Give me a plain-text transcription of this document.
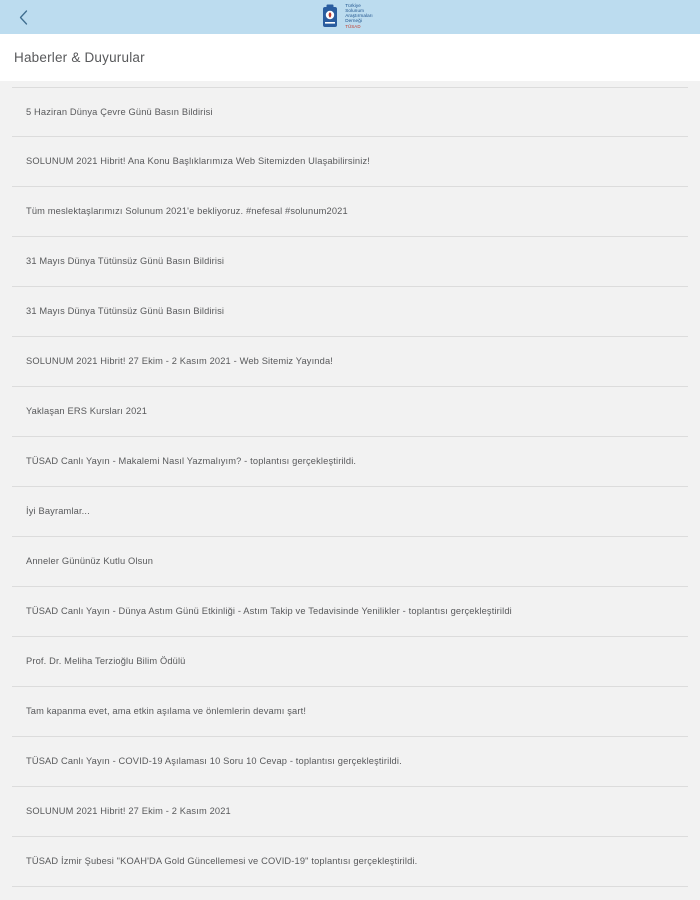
Türkiye
Solunum
Araştırmaları
Derneği
TÜSAD
Haberler & Duyurular
5 Haziran Dünya Çevre Günü Basın Bildirisi
SOLUNUM 2021 Hibrit! Ana Konu Başlıklarımıza Web Sitemizden Ulaşabilirsiniz!
Tüm meslektaşlarımızı Solunum 2021'e bekliyoruz. #nefesal #solunum2021
31 Mayıs Dünya Tütünsüz Günü Basın Bildirisi
31 Mayıs Dünya Tütünsüz Günü Basın Bildirisi
SOLUNUM 2021 Hibrit! 27 Ekim - 2 Kasım 2021 - Web Sitemiz Yayında!
Yaklaşan ERS Kursları 2021
TÜSAD Canlı Yayın - Makalemi Nasıl Yazmalıyım? - toplantısı gerçekleştirildi.
İyi Bayramlar...
Anneler Gününüz Kutlu Olsun
TÜSAD Canlı Yayın - Dünya Astım Günü Etkinliği - Astım Takip ve Tedavisinde Yenilikler - toplantısı gerçekleştirildi
Prof. Dr. Meliha Terzioğlu Bilim Ödülü
Tam kapanma evet, ama etkin aşılama ve önlemlerin devamı şart!
TÜSAD Canlı Yayın - COVID-19 Aşılaması 10 Soru 10 Cevap - toplantısı gerçekleştirildi.
SOLUNUM 2021 Hibrit! 27 Ekim - 2 Kasım 2021
TÜSAD İzmir Şubesi "KOAH'DA Gold Güncellemesi ve COVID-19" toplantısı gerçekleştirildi.
